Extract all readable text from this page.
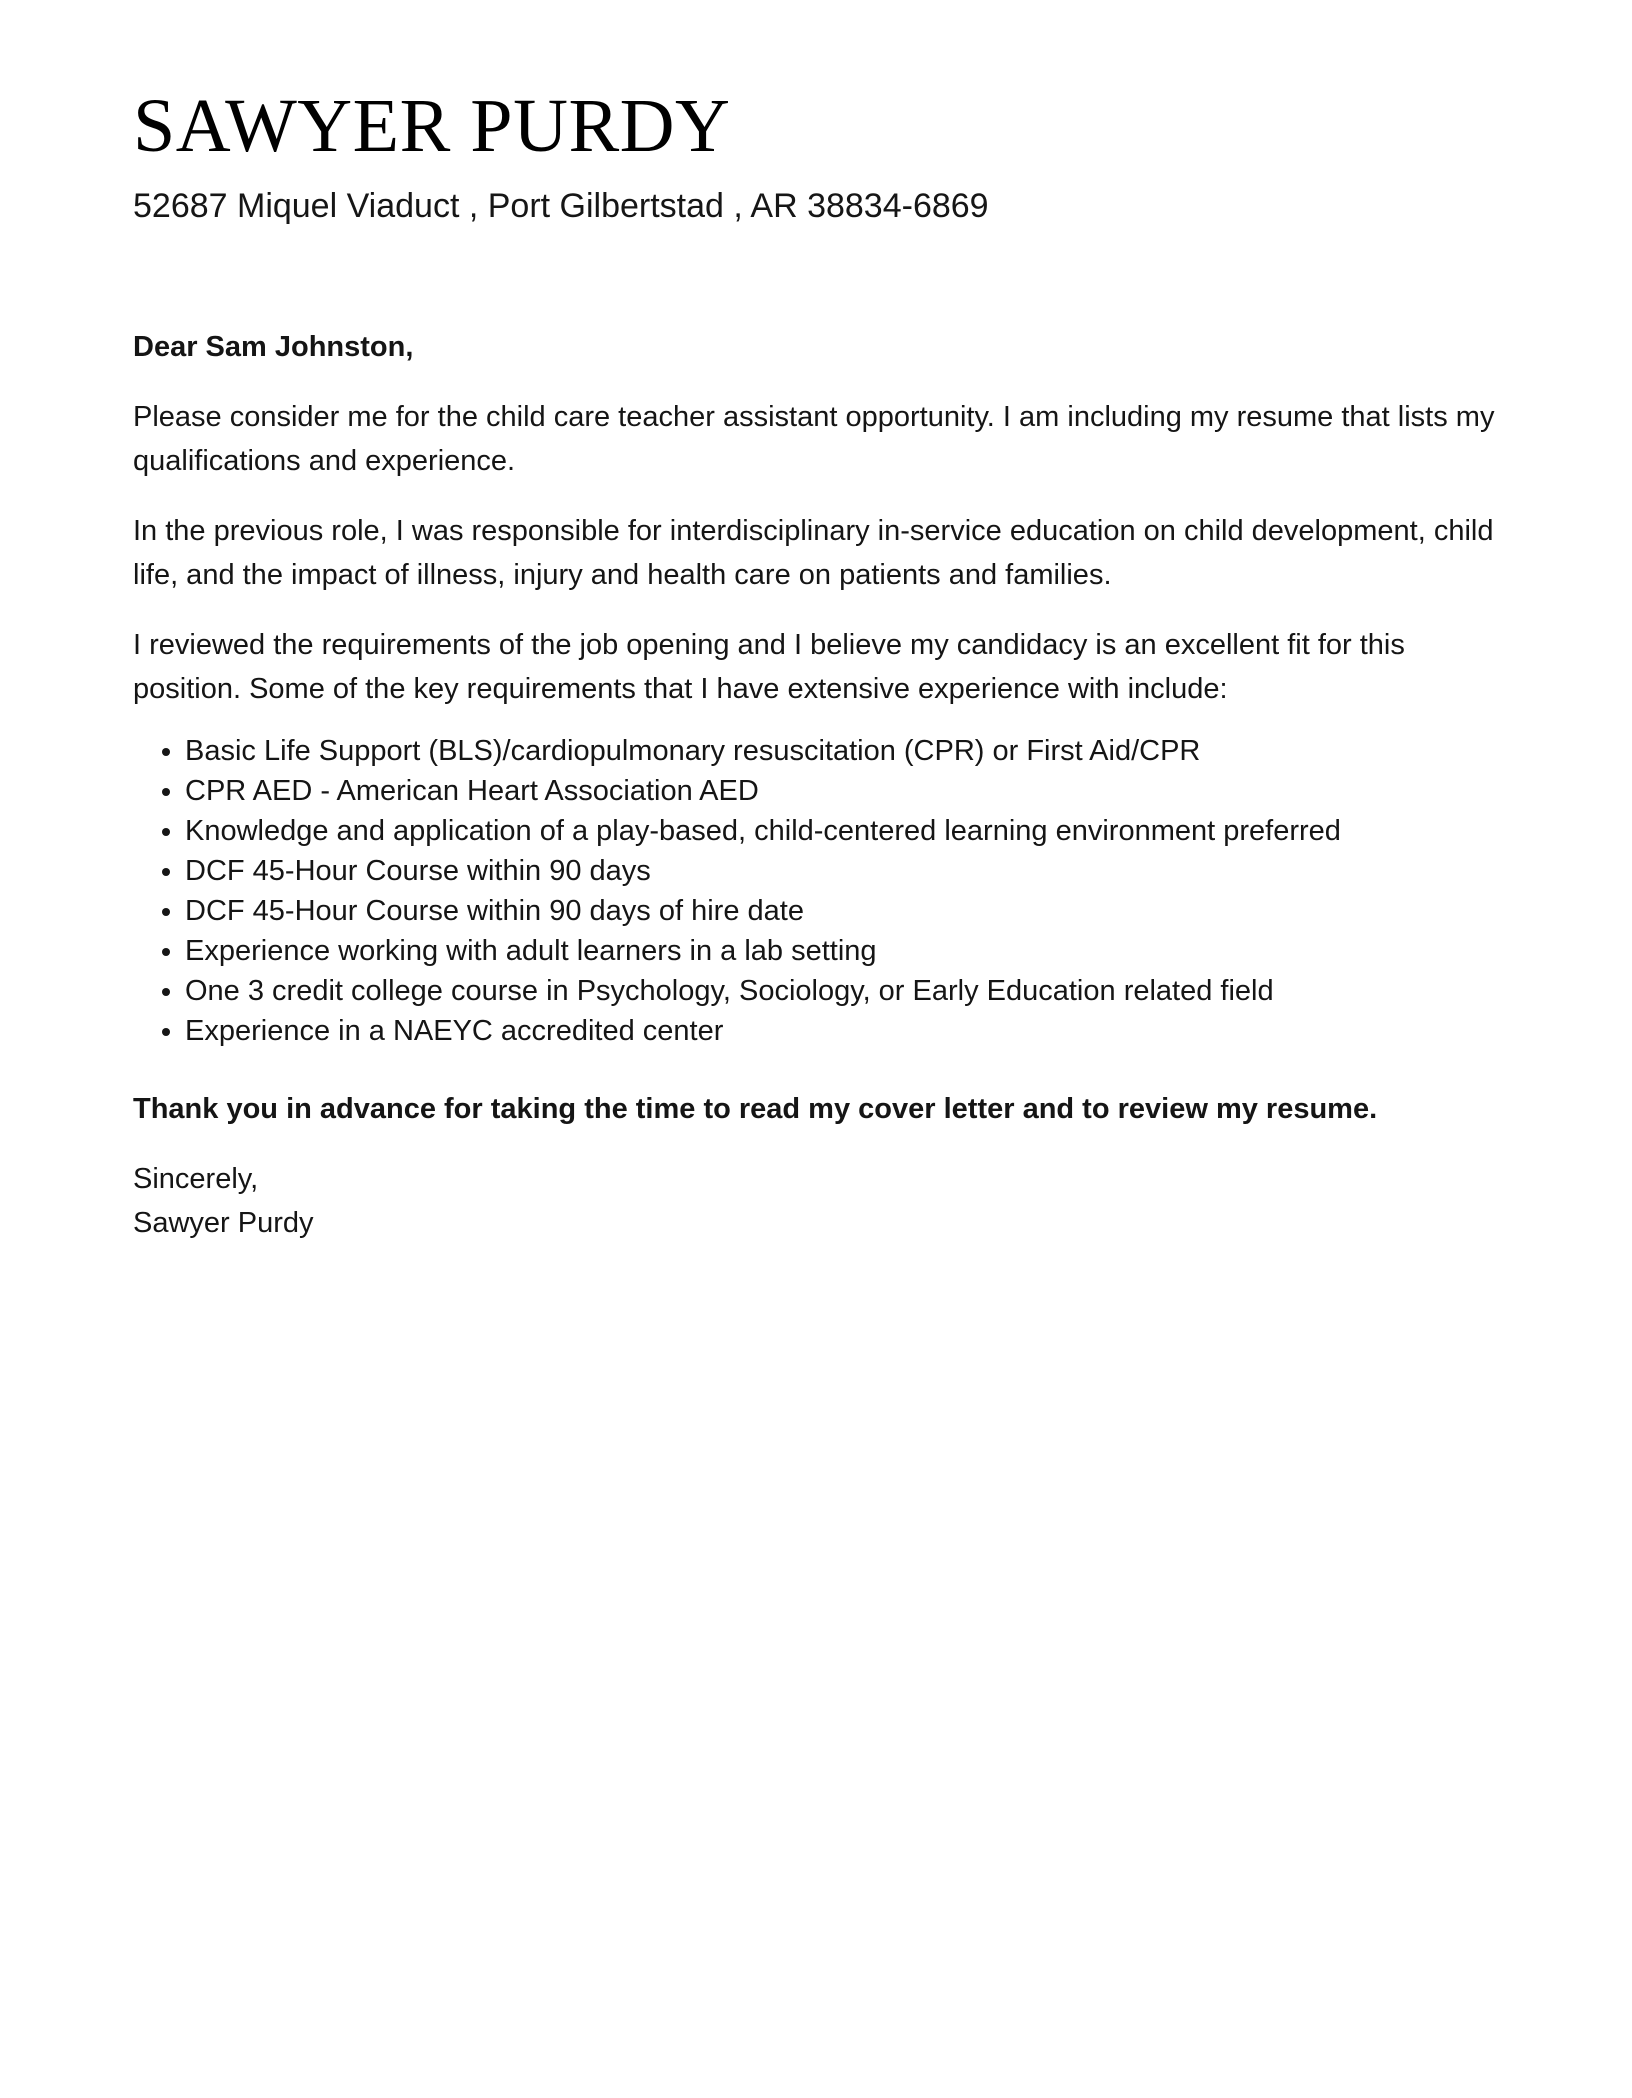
SAWYER PURDY
52687 Miquel Viaduct , Port Gilbertstad , AR 38834-6869

Dear Sam Johnston,

Please consider me for the child care teacher assistant opportunity. I am including my resume that lists my qualifications and experience.

In the previous role, I was responsible for interdisciplinary in-service education on child development, child life, and the impact of illness, injury and health care on patients and families.

I reviewed the requirements of the job opening and I believe my candidacy is an excellent fit for this position. Some of the key requirements that I have extensive experience with include:

• Basic Life Support (BLS)/cardiopulmonary resuscitation (CPR) or First Aid/CPR
• CPR AED - American Heart Association AED
• Knowledge and application of a play-based, child-centered learning environment preferred
• DCF 45-Hour Course within 90 days
• DCF 45-Hour Course within 90 days of hire date
• Experience working with adult learners in a lab setting
• One 3 credit college course in Psychology, Sociology, or Early Education related field
• Experience in a NAEYC accredited center

Thank you in advance for taking the time to read my cover letter and to review my resume.

Sincerely,
Sawyer Purdy
